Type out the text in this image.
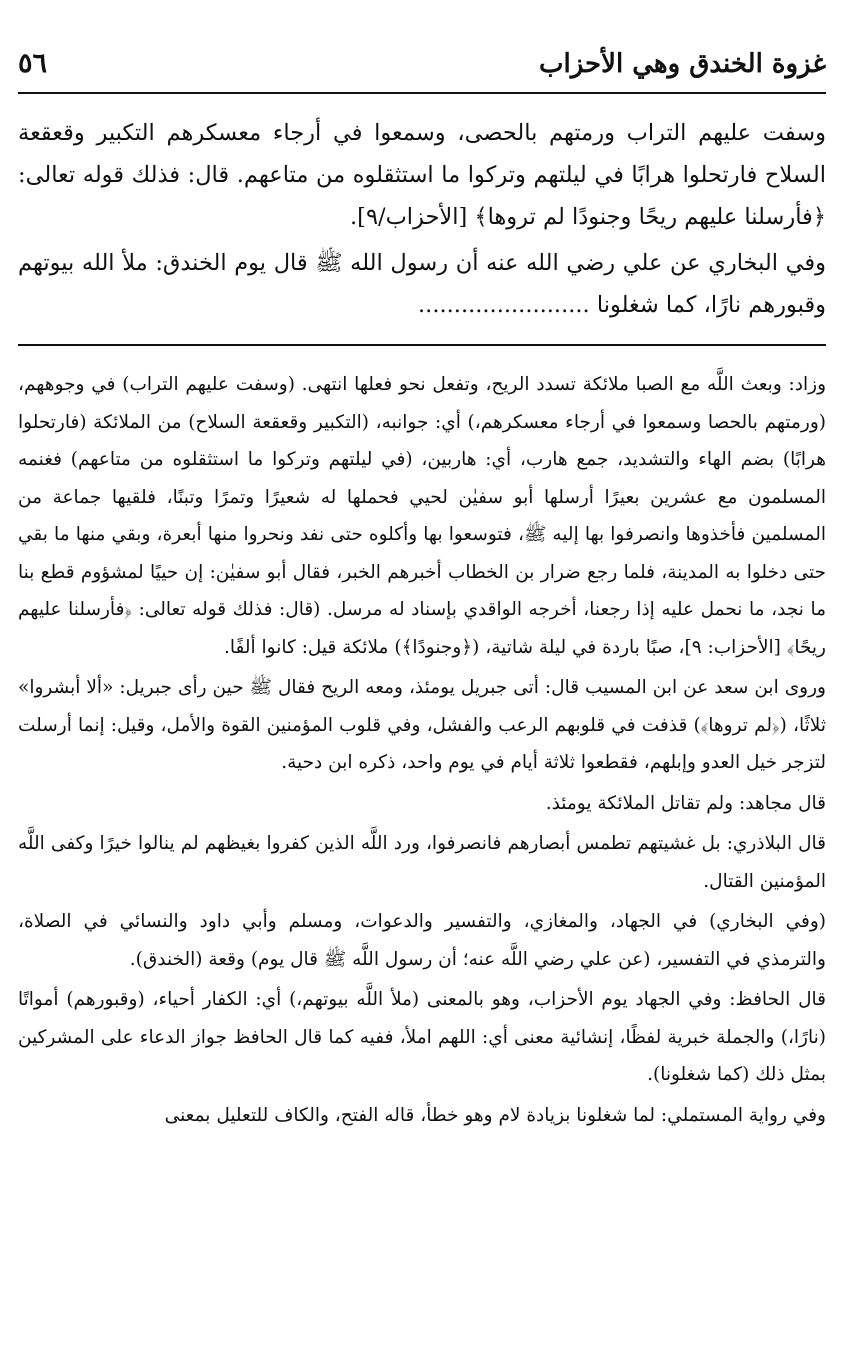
غزوة الخندق وهي الأحزاب
٥٦

وسفت عليهم التراب ورمتهم بالحصى، وسمعوا في أرجاء معسكرهم التكبير وقعقعة السلاح فارتحلوا هرابًا في ليلتهم وتركوا ما استثقلوه من متاعهم. قال: فذلك قوله تعالى: ﴿فأرسلنا عليهم ريحًا وجنودًا لم تروها﴾ [الأحزاب/٩].

وفي البخاري عن علي رضي الله عنه أن رسول الله ﷺ قال يوم الخندق: ملأ الله بيوتهم وقبورهم نارًا، كما شغلونا ........................

وزاد: وبعث اللَّه مع الصبا ملائكة تسدد الريح، وتفعل نحو فعلها انتهى. (وسفت عليهم التراب) في وجوههم، (ورمتهم بالحصا وسمعوا في أرجاء معسكرهم،) أي: جوانبه، (التكبير وقعقعة السلاح) من الملائكة (فارتحلوا هرابًا) بضم الهاء والتشديد، جمع هارب، أي: هاربين، (في ليلتهم وتركوا ما استثقلوه من متاعهم) فغنمه المسلمون مع عشرين بعيرًا أرسلها أبو سفيٰن لحيي فحملها له شعيرًا وتمرًا وتبنًا، فلقيها جماعة من المسلمين فأخذوها وانصرفوا بها إليه ﷺ، فتوسعوا بها وأكلوه حتى نفد ونحروا منها أبعرة، وبقي منها ما بقي حتى دخلوا به المدينة، فلما رجع ضرار بن الخطاب أخبرهم الخبر، فقال أبو سفيٰن: إن حييًا لمشؤوم قطع بنا ما نجد، ما نحمل عليه إذا رجعنا، أخرجه الواقدي بإسناد له مرسل. (قال: فذلك قوله تعالى: ﴿فأرسلنا عليهم ريحًا﴾ [الأحزاب: ٩]، صبًا باردة في ليلة شاتية، (﴿وجنودًا﴾) ملائكة قيل: كانوا ألفًا.

وروى ابن سعد عن ابن المسيب قال: أتى جبريل يومئذ، ومعه الريح فقال ﷺ حين رأى جبريل: «ألا أبشروا» ثلاثًا، (﴿لم تروها﴾) قذفت في قلوبهم الرعب والفشل، وفي قلوب المؤمنين القوة والأمل، وقيل: إنما أرسلت لتزجر خيل العدو وإبلهم، فقطعوا ثلاثة أيام في يوم واحد، ذكره ابن دحية.

قال مجاهد: ولم تقاتل الملائكة يومئذ.

قال البلاذري: بل غشيتهم تطمس أبصارهم فانصرفوا، ورد اللَّه الذين كفروا بغيظهم لم ينالوا خيرًا وكفى اللَّه المؤمنين القتال.

(وفي البخاري) في الجهاد، والمغازي، والتفسير والدعوات، ومسلم وأبي داود والنسائي في الصلاة، والترمذي في التفسير، (عن علي رضي اللَّه عنه؛ أن رسول اللَّه ﷺ قال يوم) وقعة (الخندق).

قال الحافظ: وفي الجهاد يوم الأحزاب، وهو بالمعنى (ملأ اللَّه بيوتهم،) أي: الكفار أحياء، (وقبورهم) أمواتًا (نارًا،) والجملة خبرية لفظًا، إنشائية معنى أي: اللهم املأ، ففيه كما قال الحافظ جواز الدعاء على المشركين بمثل ذلك (كما شغلونا).

وفي رواية المستملي: لما شغلونا بزيادة لام وهو خطأ، قاله الفتح، والكاف للتعليل بمعنى
